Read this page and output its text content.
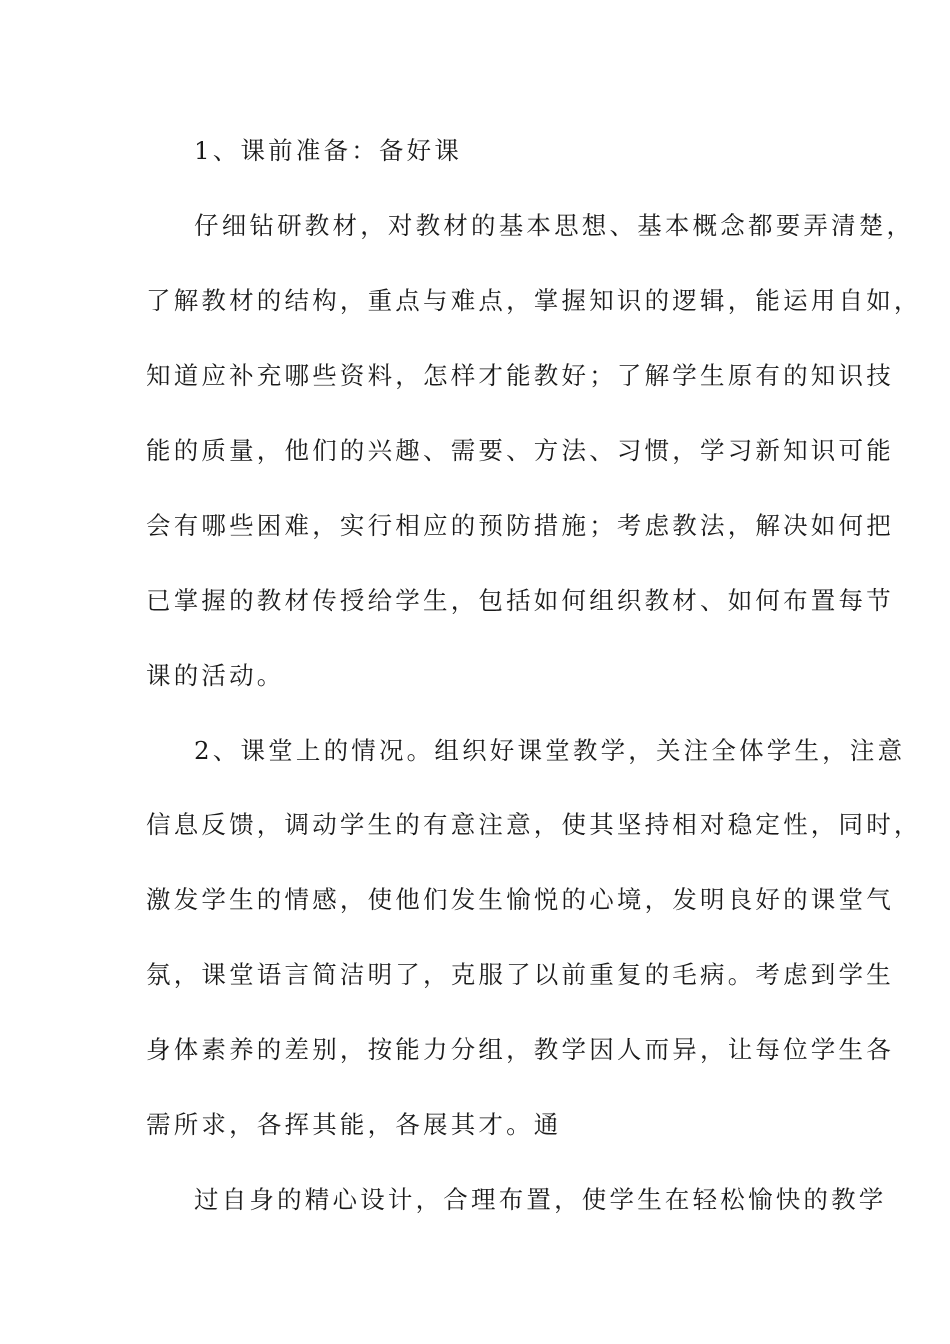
1、课前准备：备好课
仔细钻研教材，对教材的基本思想、基本概念都要弄清楚，
了解教材的结构，重点与难点，掌握知识的逻辑，能运用自如，
知道应补充哪些资料，怎样才能教好；了解学生原有的知识技
能的质量，他们的兴趣、需要、方法、习惯，学习新知识可能
会有哪些困难，实行相应的预防措施；考虑教法，解决如何把
已掌握的教材传授给学生，包括如何组织教材、如何布置每节
课的活动。
2、课堂上的情况。组织好课堂教学，关注全体学生，注意
信息反馈，调动学生的有意注意，使其坚持相对稳定性，同时，
激发学生的情感，使他们发生愉悦的心境，发明良好的课堂气
氛，课堂语言简洁明了，克服了以前重复的毛病。考虑到学生
身体素养的差别，按能力分组，教学因人而异，让每位学生各
需所求，各挥其能，各展其才。通
过自身的精心设计，合理布置，使学生在轻松愉快的教学
